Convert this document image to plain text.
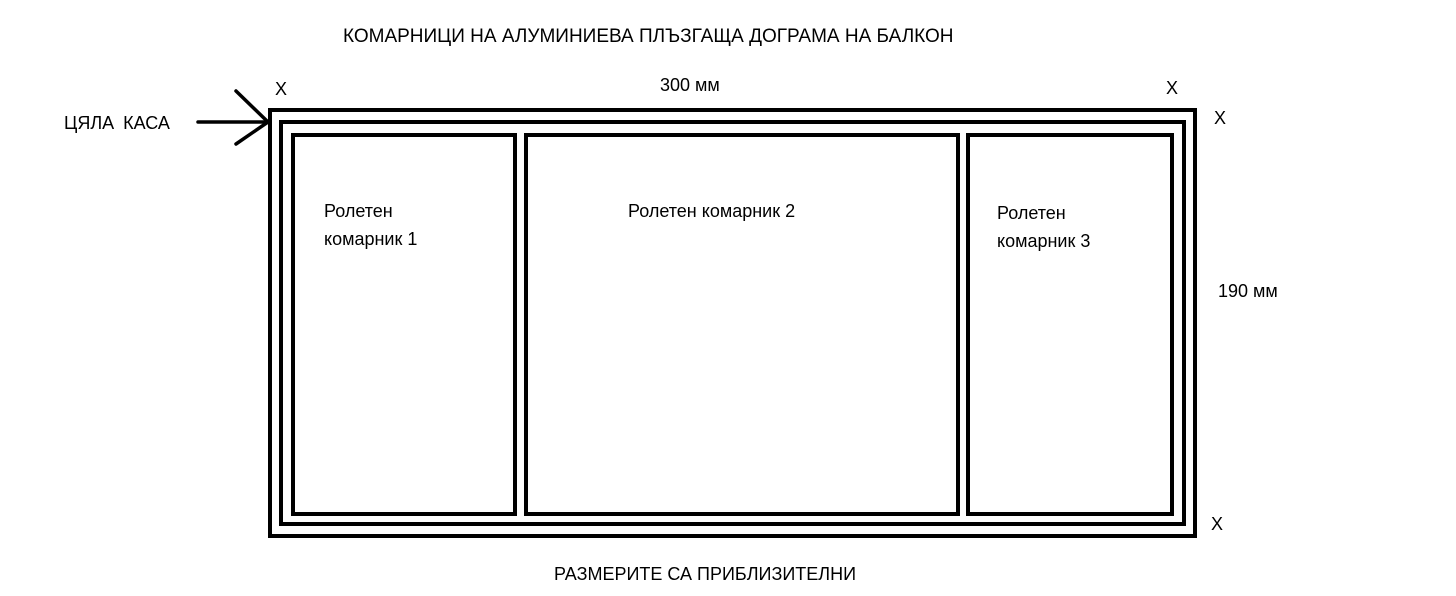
КОМАРНИЦИ НА АЛУМИНИЕВА ПЛЪЗГАЩА ДОГРАМА НА БАЛКОН
300 мм
190 мм
Х	Х
Х
Х
ЦЯЛА КАСА
Ролетен
комарник 1
Ролетен комарник 2	Ролетен
комарник 3
РАЗМЕРИТЕ СА ПРИБЛИЗИТЕЛНИ
